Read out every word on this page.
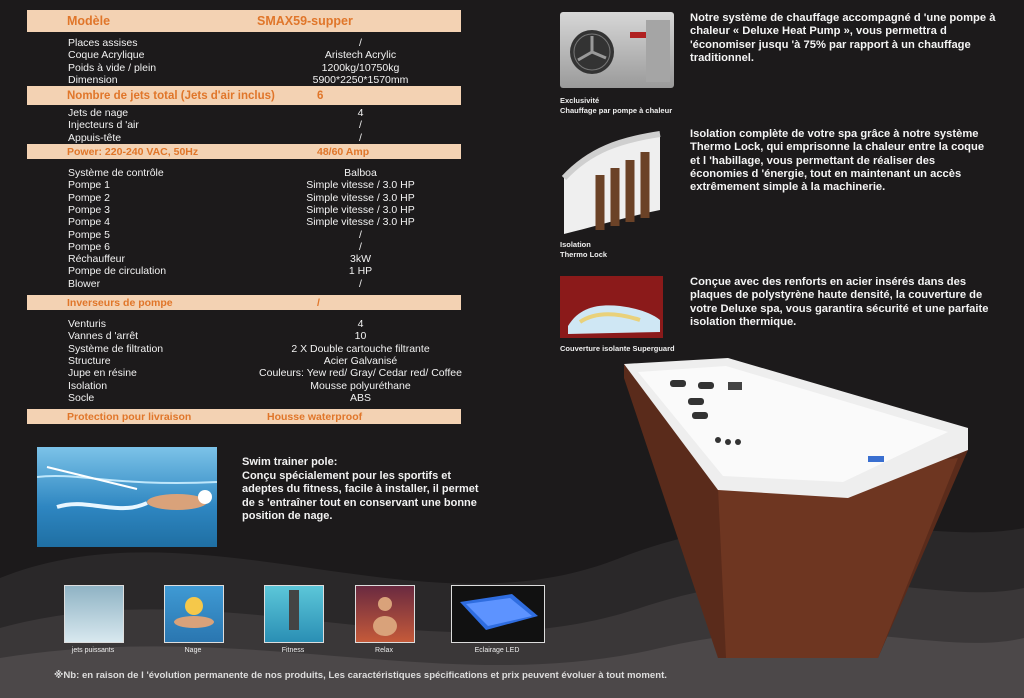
Modèle	SMAX59-supper
Places assises	/
Coque Acrylique	Aristech Acrylic
Poids à vide / plein	1200kg/10750kg
Dimension	5900*2250*1570mm
Nombre de jets total (Jets d'air inclus)	6
Jets de nage	4
Injecteurs d 'air	/
Appuis-tête	/
Power: 220-240 VAC, 50Hz	48/60 Amp
Système de contrôle	Balboa
Pompe 1	Simple vitesse / 3.0 HP
Pompe 2	Simple vitesse / 3.0 HP
Pompe 3	Simple vitesse / 3.0 HP
Pompe 4	Simple vitesse / 3.0 HP
Pompe 5	/
Pompe 6	/
Réchauffeur	3kW
Pompe de circulation	1 HP
Blower	/
Inverseurs de pompe	/
Venturis	4
Vannes d 'arrêt	10
Système de filtration	2 X Double cartouche filtrante
Structure	Acier Galvanisé
Jupe en résine	Couleurs: Yew red/ Gray/ Cedar red/ Coffee
Isolation	Mousse polyuréthane
Socle	ABS
Protection pour livraison	Housse waterproof
Exclusivité
Chauffage par pompe à chaleur
Notre système de chauffage accompagné d 'une pompe à chaleur « Deluxe Heat Pump », vous permettra d 'économiser jusqu 'à 75% par rapport à un chauffage traditionnel.
Isolation
Thermo Lock
Isolation complète de votre spa grâce à notre système Thermo Lock, qui emprisonne la chaleur entre la coque et l 'habillage, vous permettant de réaliser des économies d 'énergie, tout en maintenant un accès extrêmement simple à la machinerie.
Couverture isolante Superguard
Conçue avec des renforts en acier insérés dans des plaques de polystyrène haute densité, la couverture de votre Deluxe spa, vous garantira sécurité et une parfaite isolation thermique.
Swim trainer pole:
Conçu spécialement pour les sportifs et adeptes du fitness, facile à installer, il permet de s 'entraîner tout en conservant une bonne position de nage.
jets puissants	Nage	Fitness	Relax	Eclairage LED
※Nb: en raison de l 'évolution permanente de nos produits, Les caractéristiques spécifications et prix peuvent évoluer à tout moment.
